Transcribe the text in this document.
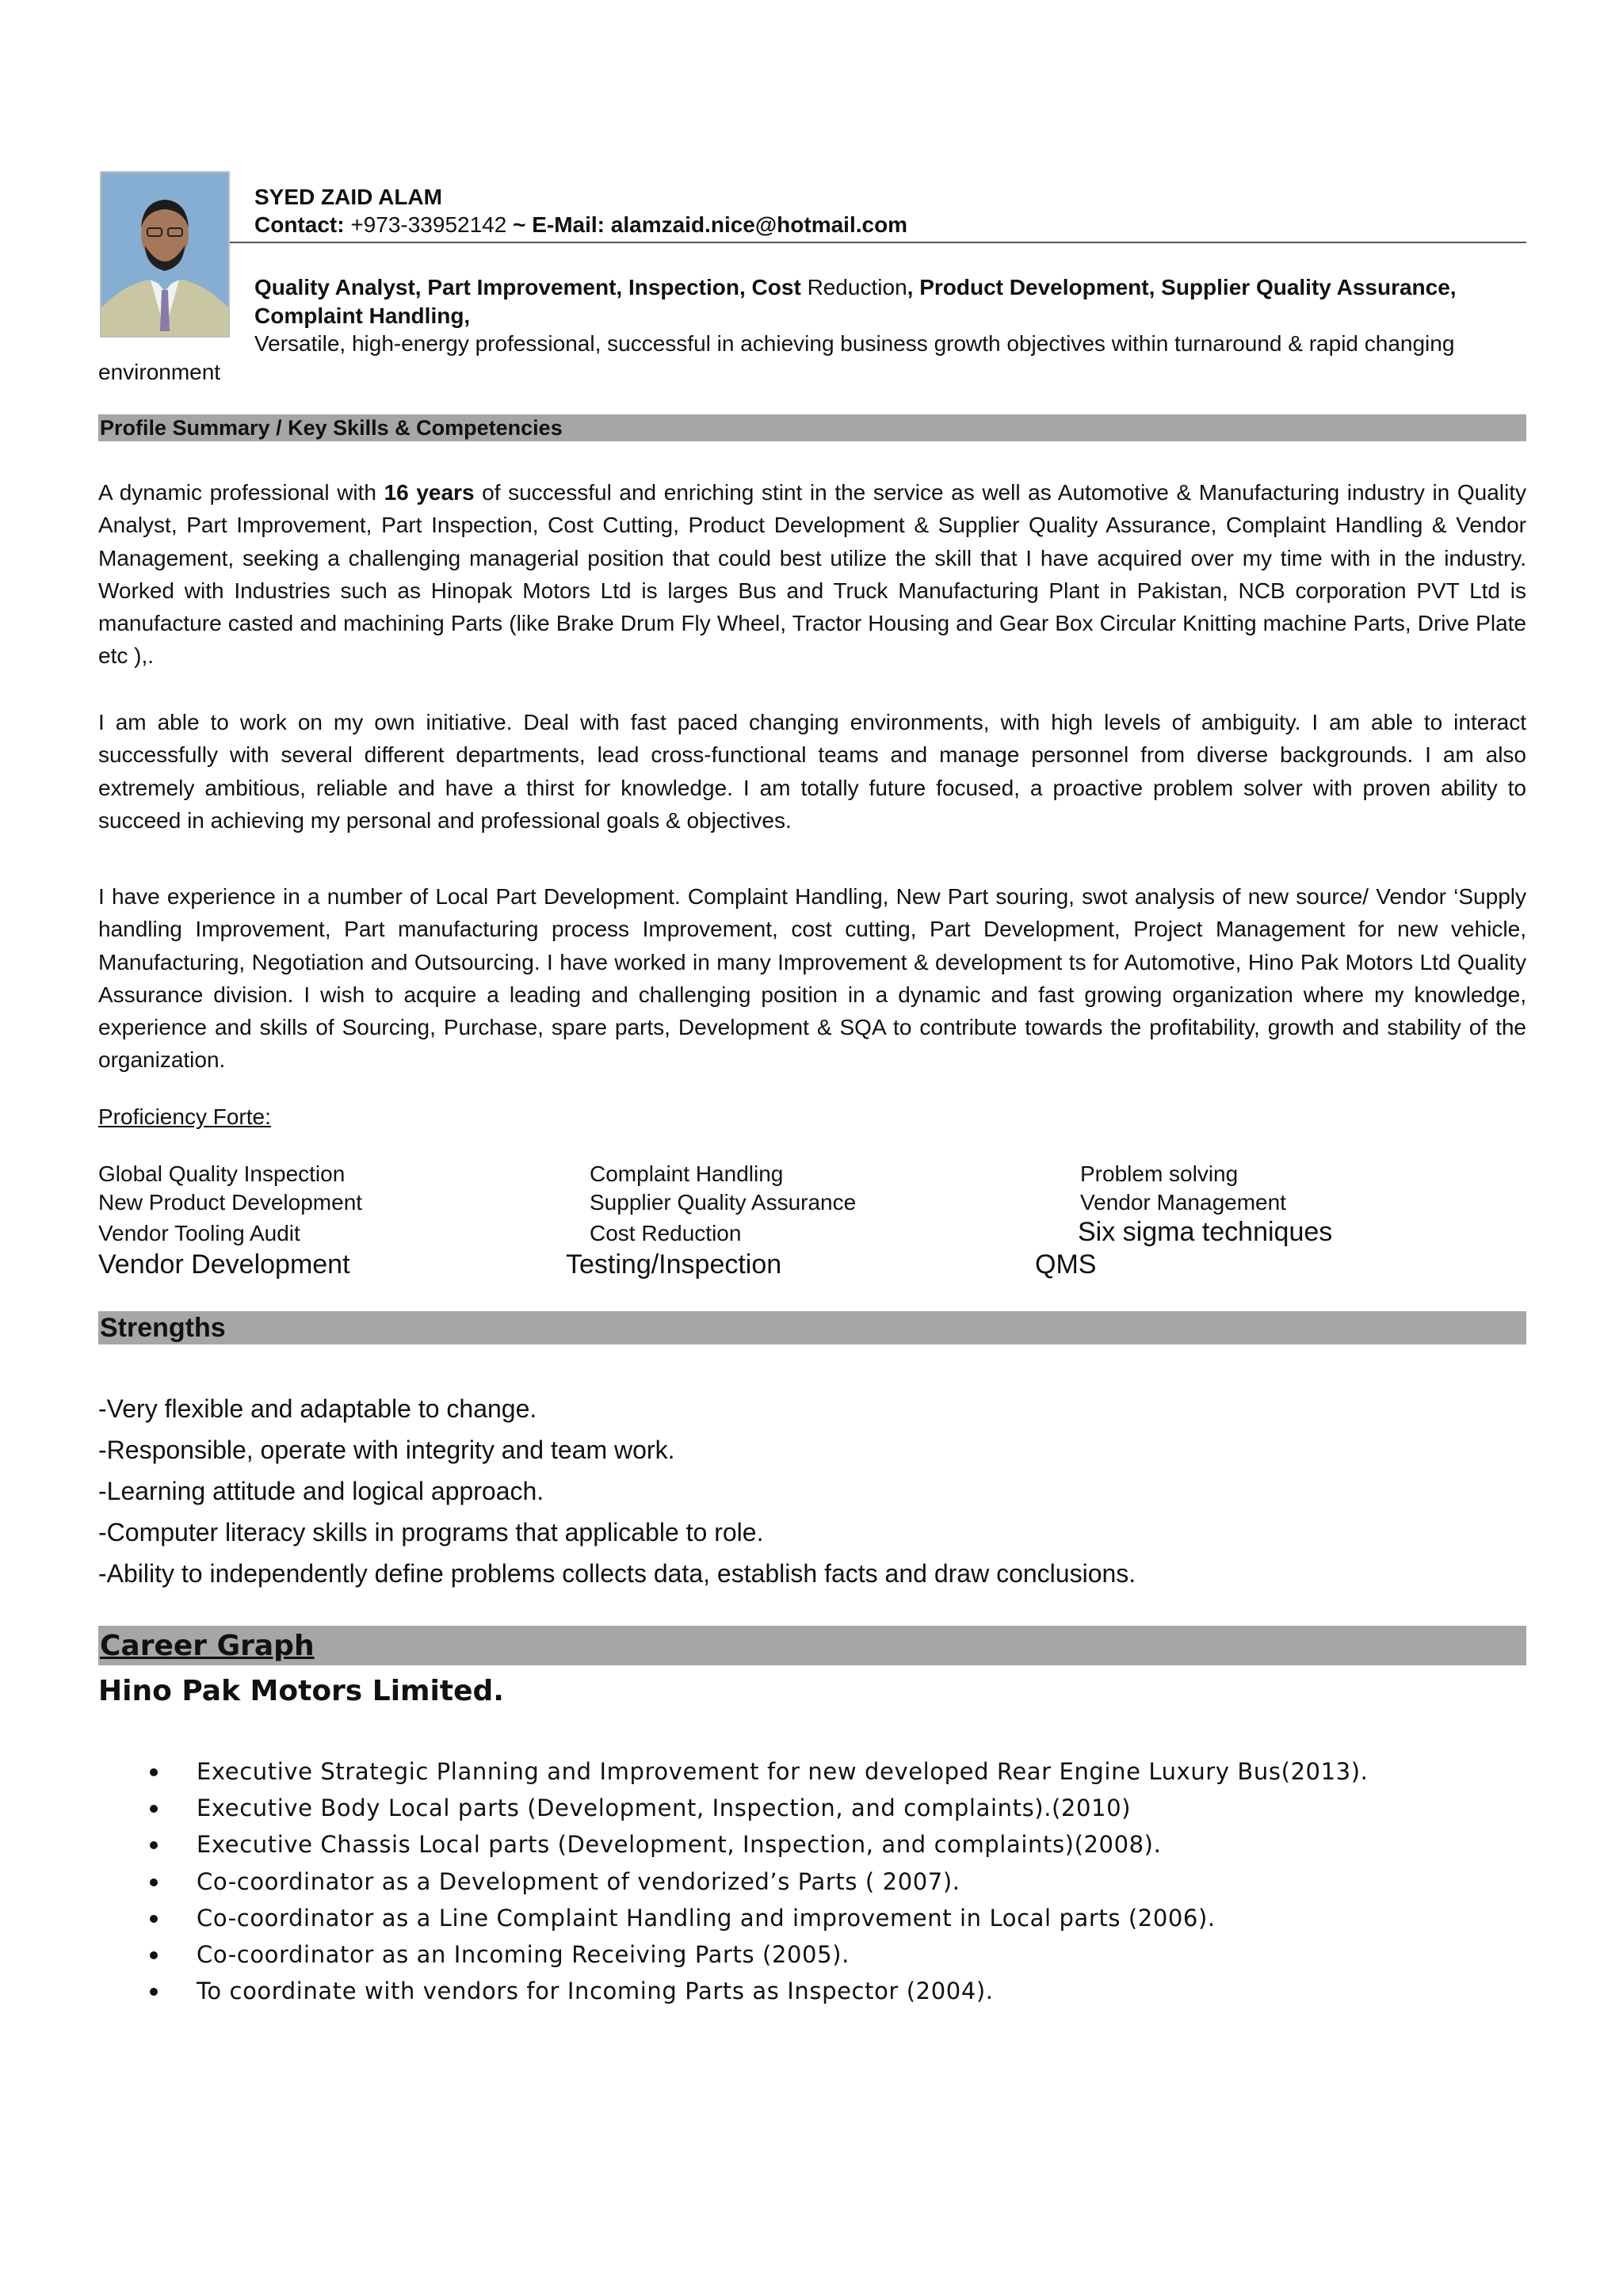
SYED ZAID ALAM
Contact: +973-33952142 ~ E-Mail: alamzaid.nice@hotmail.com
Quality Analyst, Part Improvement, Inspection, Cost Reduction, Product Development, Supplier Quality Assurance, Complaint Handling,
Versatile, high-energy professional, successful in achieving business growth objectives within turnaround & rapid changing environment
Profile Summary / Key Skills & Competencies
A dynamic professional with 16 years of successful and enriching stint in the service as well as Automotive & Manufacturing industry in Quality Analyst, Part Improvement, Part Inspection, Cost Cutting, Product Development & Supplier Quality Assurance, Complaint Handling & Vendor Management, seeking a challenging managerial position that could best utilize the skill that I have acquired over my time with in the industry. Worked with Industries such as Hinopak Motors Ltd is larges Bus and Truck Manufacturing Plant in Pakistan, NCB corporation PVT Ltd is manufacture casted and machining Parts (like Brake Drum Fly Wheel, Tractor Housing and Gear Box Circular Knitting machine Parts, Drive Plate etc ),.
I am able to work on my own initiative. Deal with fast paced changing environments, with high levels of ambiguity. I am able to interact successfully with several different departments, lead cross-functional teams and manage personnel from diverse backgrounds. I am also extremely ambitious, reliable and have a thirst for knowledge. I am totally future focused, a proactive problem solver with proven ability to succeed in achieving my personal and professional goals & objectives.
I have experience in a number of Local Part Development. Complaint Handling, New Part souring, swot analysis of new source/ Vendor ‘Supply handling Improvement, Part manufacturing process Improvement, cost cutting, Part Development, Project Management for new vehicle, Manufacturing, Negotiation and Outsourcing. I have worked in many Improvement & development ts for Automotive, Hino Pak Motors Ltd Quality Assurance division. I wish to acquire a leading and challenging position in a dynamic and fast growing organization where my knowledge, experience and skills of Sourcing, Purchase, spare parts, Development & SQA to contribute towards the profitability, growth and stability of the organization.
Proficiency Forte:
Global Quality Inspection	Complaint Handling	Problem solving
New Product Development	Supplier Quality Assurance	Vendor Management
Vendor Tooling Audit	Cost Reduction	Six sigma techniques
Vendor Development	Testing/Inspection	QMS
Strengths
-Very flexible and adaptable to change.
-Responsible, operate with integrity and team work.
-Learning attitude and logical approach.
-Computer literacy skills in programs that applicable to role.
-Ability to independently define problems collects data, establish facts and draw conclusions.
Career Graph
Hino Pak Motors Limited.
Executive Strategic Planning and Improvement for new developed Rear Engine Luxury Bus(2013).
Executive Body Local parts (Development, Inspection, and complaints).(2010)
Executive Chassis Local parts (Development, Inspection, and complaints)(2008).
Co-coordinator as a Development of vendorized’s Parts ( 2007).
Co-coordinator as a Line Complaint Handling and improvement in Local parts (2006).
Co-coordinator as an Incoming Receiving Parts (2005).
To coordinate with vendors for Incoming Parts as Inspector (2004).
